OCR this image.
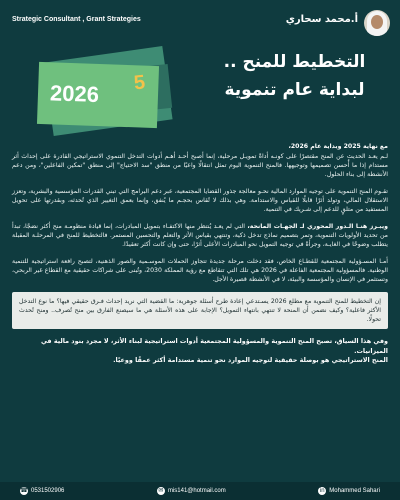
أ.محمد سحاري
Strategic Consultant , Grant Strategies
التخطيط للمنح .. لبداية عام تنموية
2026 5

مع نهاية 2025 وبداية عام 2026،
لـم يعـد الحديث عن المنح مقتصرًا على كونـه أداةً تمويـل مرحلية، إنما أصبح أحـد أهـم أدوات التدخل التنموي الاستراتيجي القادرة على إحداث أثر مستدام إذا ما أُحسن تصميمها وتوجيهها. فالمنح التنموية اليوم تمثل انتقالًا واعيًا من منطق "سد الاحتياج" إلى منطق "تمكين الفاعلين"، ومن دعم الأنشطة إلى بناء الحلول.

تقـوم المنح التنموية على توجيه الموارد المالية نحـو معالجة جذور القضايا المجتمعية، عبر دعم البرامج التي تبني القدرات المؤسسية والبشرية، وتعزز الاستقلال المالي، وتولد أثرًا قابلًا للقياس والاستدامة. وهي بذلك لا تُقاس بحجـم ما يُنفق، وإنما بعمق التغيير الذي تُحدثه، وبقدرتها على تحويل المستفيد من متلقٍ للدعم إلى شـريك في التنمية.

ويبـرز هنـا الـدور المحوري لـ الجهـات المانحة، التي لم يعـد يُنتظر منها الاكتفـاء بتمويل المبادرات، إنما قيادة منظومـة منح أكثر نضجًا، تبدأ من تحديد الأولويات التنموية، وتمر بتصميم نماذج تدخل ذكية، وتنتهي بقياس الأثر والتعلم والتحسين المستمر. فالتخطيط للمنح في المرحلـة المقبلة يتطلب وضوحًا في الغايـة، وجرأةً في توجيه التمويل نحو المبادرات الأعلى أثرًا، حتى وإن كانت أكثر تعقيدًا.

أمـا المسـؤولية المجتمعية للقطـاع الخاص، فقد دخلت مرحلة جديدة تتجاوز الحملات الموسـمية والصور الذهنية، لتصبح رافعة استراتيجية للتنمية الوطنية. فالمسؤولية المجتمعية الفاعلة في 2026 هي تلك التي تتقاطع مع رؤية المملكة 2030، وتُبنى على شراكات حقيقية مع القطاع غير الربحي، وتستثمر في الإنسان والمؤسسة والبيئة، لا في الأنشطة قصيرة الأجل.

إن التخطيط للمنح التنموية مع مطلع 2026 يسـتدعي إعادة طرح أسئلة جوهرية: ما القضية التي نريد إحداث فـرق حقيقي فيها؟ ما نوع التدخل الأكثر فاعلية؟ وكيف نضمن أن المنحة لا تنتهي بانتهاء التمويل؟ الإجابة على هذه الأسئلة هي ما سيصنع الفارق بين منح تُصرف.. ومنح تُحدث تحولًا.

وفي هذا السياق، تصبح المنح التنموية والمسؤولية المجتمعية أدوات استراتيجية لبناء الأثر، لا مجرد بنود مالية في الميزانيات.

المنح الاستراتيجي هو بوصلة حقيقية لتوجيه الموارد نحو تنمية مستدامة أكثر عمقًا ووعيًا.

☎ 0531502906	✉ mis141@hotmail.com	in Mohammed Sahari
